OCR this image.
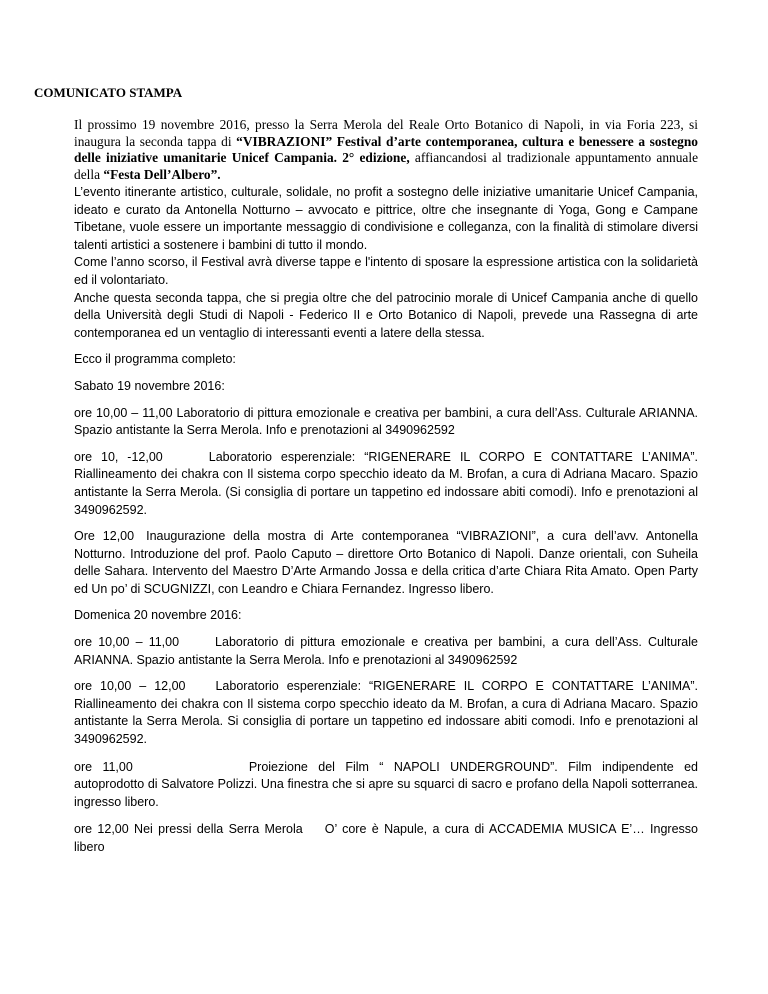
COMUNICATO STAMPA
Il prossimo 19 novembre 2016, presso la Serra Merola del Reale Orto Botanico di Napoli, in via Foria 223, si inaugura la seconda tappa di “VIBRAZIONI” Festival d’arte contemporanea, cultura e benessere a sostegno delle iniziative umanitarie Unicef Campania. 2° edizione, affiancandosi al tradizionale appuntamento annuale della “Festa Dell’Albero”.

L’evento itinerante artistico, culturale, solidale, no profit a sostegno delle iniziative umanitarie Unicef Campania, ideato e curato da Antonella Notturno – avvocato e pittrice, oltre che insegnante di Yoga, Gong e Campane Tibetane, vuole essere un importante messaggio di condivisione e colleganza, con la finalità di stimolare diversi talenti artistici a sostenere i bambini di tutto il mondo.

Come l’anno scorso, il Festival avrà diverse tappe e l'intento di sposare la espressione artistica con la solidarietà ed il volontariato.

Anche questa seconda tappa, che si pregia oltre che del patrocinio morale di Unicef Campania anche di quello della Università degli Studi di Napoli - Federico II e Orto Botanico di Napoli, prevede una Rassegna di arte contemporanea ed un ventaglio di interessanti eventi a latere della stessa.

Ecco il programma completo:

Sabato 19 novembre 2016:

ore 10,00 – 11,00 Laboratorio di pittura emozionale e creativa per bambini, a cura dell’Ass. Culturale ARIANNA. Spazio antistante la Serra Merola. Info e prenotazioni al 3490962592

ore 10, -12,00	Laboratorio esperenziale: “RIGENERARE IL CORPO E CONTATTARE L’ANIMA”. Riallineamento dei chakra con Il sistema corpo specchio ideato da M. Brofan, a cura di Adriana Macaro. Spazio antistante la Serra Merola. (Si consiglia di portare un tappetino ed indossare abiti comodi). Info e prenotazioni al 3490962592.

Ore 12,00 Inaugurazione della mostra di Arte contemporanea “VIBRAZIONI”, a cura dell’avv. Antonella Notturno. Introduzione del prof. Paolo Caputo – direttore Orto Botanico di Napoli. Danze orientali, con Suheila delle Sahara. Intervento del Maestro D’Arte Armando Jossa e della critica d’arte Chiara Rita Amato. Open Party ed Un po’ di SCUGNIZZI, con Leandro e Chiara Fernandez. Ingresso libero.

Domenica 20 novembre 2016:

ore 10,00 – 11,00	Laboratorio di pittura emozionale e creativa per bambini, a cura dell’Ass. Culturale ARIANNA. Spazio antistante la Serra Merola. Info e prenotazioni al 3490962592

ore 10,00 – 12,00 Laboratorio esperenziale: “RIGENERARE IL CORPO E CONTATTARE L’ANIMA”. Riallineamento dei chakra con Il sistema corpo specchio ideato da M. Brofan, a cura di Adriana Macaro. Spazio antistante la Serra Merola. Si consiglia di portare un tappetino ed indossare abiti comodi. Info e prenotazioni al 3490962592.

ore 11,00	Proiezione del Film “ NAPOLI UNDERGROUND”. Film indipendente ed autoprodotto di Salvatore Polizzi. Una finestra che si apre su squarci di sacro e profano della Napoli sotterranea. ingresso libero.

ore 12,00 Nei pressi della Serra Merola O’ core è Napule, a cura di ACCADEMIA MUSICA E’… Ingresso libero
